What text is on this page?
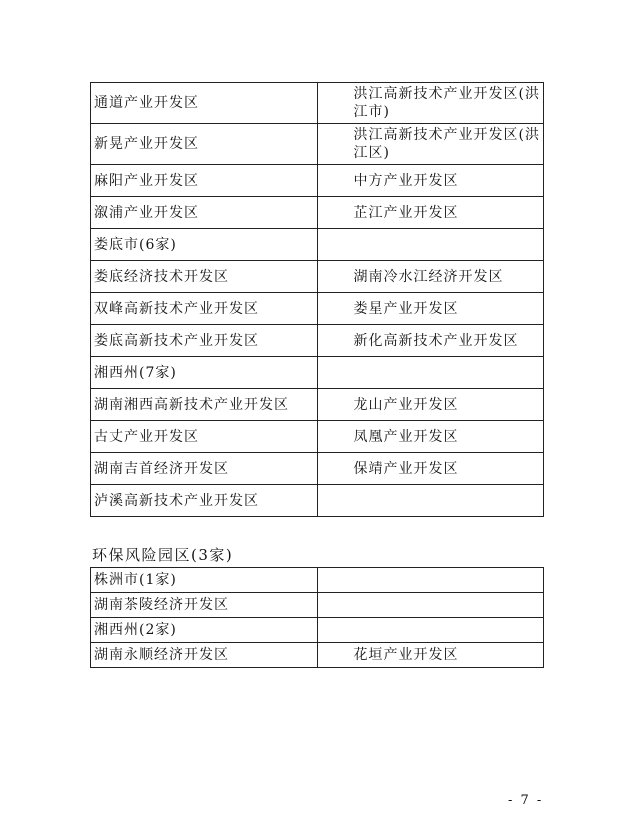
通道产业开发区	洪江高新技术产业开发区(洪江市)
新晃产业开发区	洪江高新技术产业开发区(洪江区)
麻阳产业开发区	中方产业开发区
溆浦产业开发区	芷江产业开发区
娄底市(6家)	
娄底经济技术开发区	湖南冷水江经济开发区
双峰高新技术产业开发区	娄星产业开发区
娄底高新技术产业开发区	新化高新技术产业开发区
湘西州(7家)	
湖南湘西高新技术产业开发区	龙山产业开发区
古丈产业开发区	凤凰产业开发区
湖南吉首经济开发区	保靖产业开发区
泸溪高新技术产业开发区	
环保风险园区(3家)
株洲市(1家)	
湖南茶陵经济开发区	
湘西州(2家)	
湖南永顺经济开发区	花垣产业开发区
- 7 -
